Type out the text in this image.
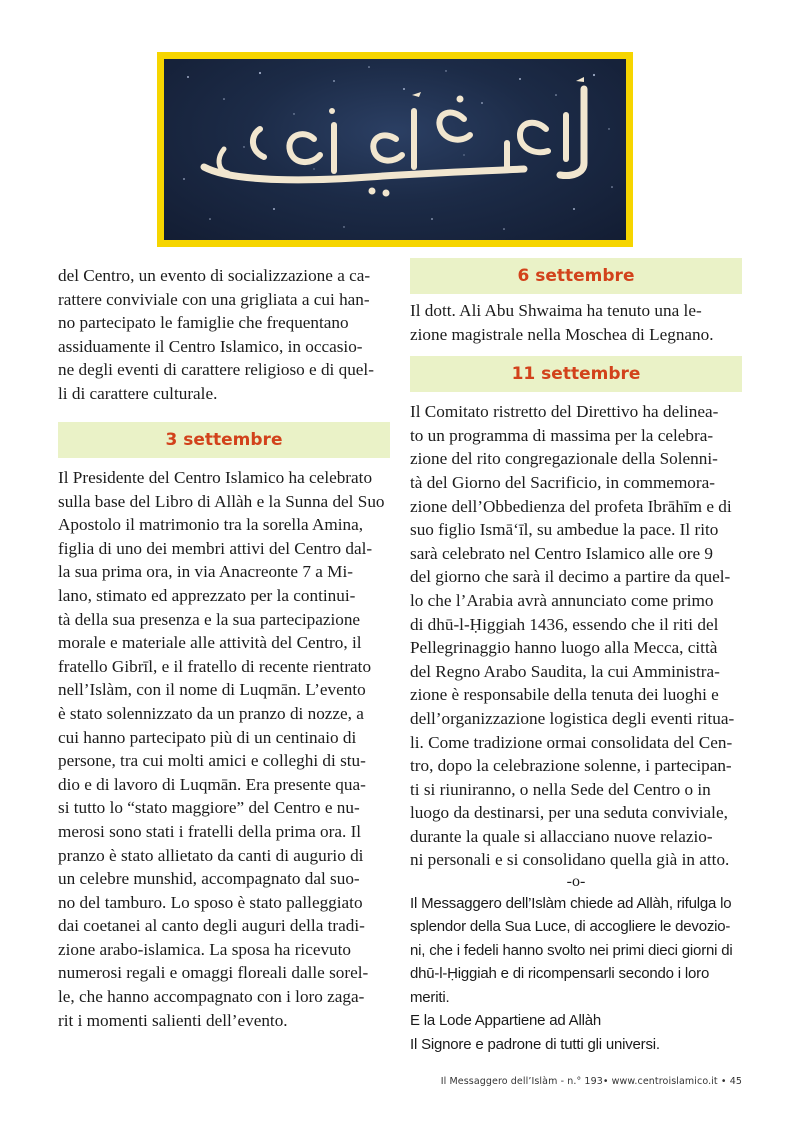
del Centro, un evento di socializzazione a ca-
rattere conviviale con una grigliata a cui han-
no partecipato le famiglie che frequentano
assiduamente il Centro Islamico, in occasio-
ne degli eventi di carattere religioso e di quel-
li di carattere culturale.

3 settembre

Il Presidente del Centro Islamico ha celebrato
sulla base del Libro di Allàh e la Sunna del Suo
Apostolo il matrimonio tra la sorella Amina,
figlia di uno dei membri attivi del Centro dal-
la sua prima ora, in via Anacreonte 7 a Mi-
lano, stimato ed apprezzato per la continui-
tà della sua presenza e la sua partecipazione
morale e materiale alle attività del Centro, il
fratello Gibrīl, e il fratello di recente rientrato
nell’Islàm, con il nome di Luqmān. L’evento
è stato solennizzato da un pranzo di nozze, a
cui hanno partecipato più di un centinaio di
persone, tra cui molti amici e colleghi di stu-
dio e di lavoro di Luqmān. Era presente qua-
si tutto lo “stato maggiore” del Centro e nu-
merosi sono stati i fratelli della prima ora. Il
pranzo è stato allietato da canti di augurio di
un celebre munshid, accompagnato dal suo-
no del tamburo. Lo sposo è stato palleggiato
dai coetanei al canto degli auguri della tradi-
zione arabo-islamica. La sposa ha ricevuto
numerosi regali e omaggi floreali dalle sorel-
le, che hanno accompagnato con i loro zaga-
rit i momenti salienti dell’evento.

6 settembre

Il dott. Ali Abu Shwaima ha tenuto una le-
zione magistrale nella Moschea di Legnano.

11 settembre

Il Comitato ristretto del Direttivo ha delinea-
to un programma di massima per la celebra-
zione del rito congregazionale della Solenni-
tà del Giorno del Sacrificio, in commemora-
zione dell’Obbedienza del profeta Ibrāhīm e di
suo figlio Ismā‘īl, su ambedue la pace. Il rito
sarà celebrato nel Centro Islamico alle ore 9
del giorno che sarà il decimo a partire da quel-
lo che l’Arabia avrà annunciato come primo
di dhū-l-Ḥiggiah 1436, essendo che il riti del
Pellegrinaggio hanno luogo alla Mecca, città
del Regno Arabo Saudita, la cui Amministra-
zione è responsabile della tenuta dei luoghi e
dell’organizzazione logistica degli eventi ritua-
li. Come tradizione ormai consolidata del Cen-
tro, dopo la celebrazione solenne, i partecipan-
ti si riuniranno, o nella Sede del Centro o in
luogo da destinarsi, per una seduta conviviale,
durante la quale si allacciano nuove relazio-
ni personali e si consolidano quella già in atto.

-o-

Il Messaggero dell’Islàm chiede ad Allàh, rifulga lo
splendor della Sua Luce, di accogliere le devozio-
ni, che i fedeli hanno svolto nei primi dieci giorni di
dhū-l-Ḥiggiah e di ricompensarli secondo i loro meriti.
E la Lode Appartiene ad Allàh
Il Signore e padrone di tutti gli universi.

Il Messaggero dell’Islàm - n.° 193• www.centroislamico.it • 45
